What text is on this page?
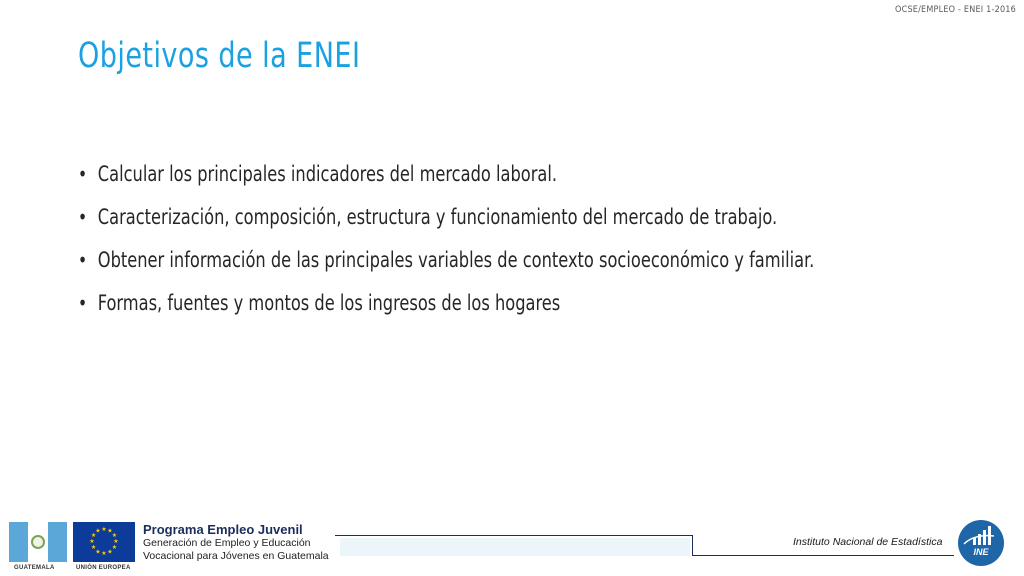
OCSE/EMPLEO - ENEI 1-2016
Objetivos de la ENEI
• Calcular los principales indicadores del mercado laboral.
• Caracterización, composición, estructura y funcionamiento del mercado de trabajo.
• Obtener información de las principales variables de contexto socioeconómico y familiar.
• Formas, fuentes y montos de los ingresos de los hogares
GUATEMALA
★ ★
★
★
★
★
★
★
★
★
★
★
UNIÓN EUROPEA
Programa Empleo Juvenil
Generación de Empleo y Educación
Vocacional para Jóvenes en Guatemala
Instituto Nacional de Estadística
INE
